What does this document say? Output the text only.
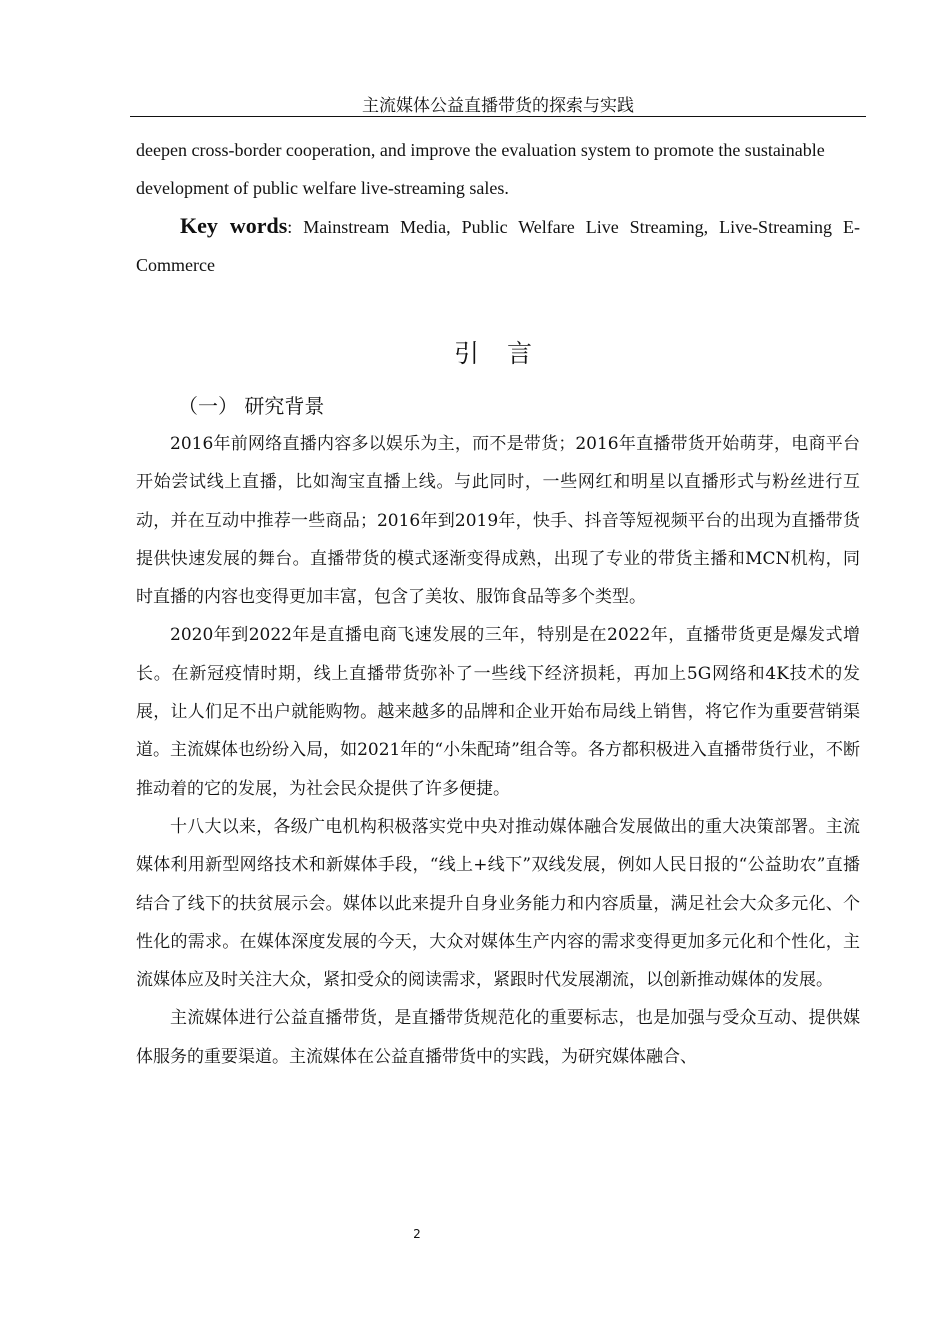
主流媒体公益直播带货的探索与实践

deepen cross-border cooperation, and improve the evaluation system to promote the sustainable

development of public welfare live-streaming sales.

Key words: Mainstream Media, Public Welfare Live Streaming, Live-Streaming E-

Commerce

引 言
（一） 研究背景

2016年前网络直播内容多以娱乐为主，而不是带货；2016年直播带货开始萌芽，电商平台开始尝试线上直播，比如淘宝直播上线。与此同时，一些网红和明星以直播形式与粉丝进行互动，并在互动中推荐一些商品；2016年到2019年，快手、抖音等短视频平台的出现为直播带货提供快速发展的舞台。直播带货的模式逐渐变得成熟，出现了专业的带货主播和MCN机构，同时直播的内容也变得更加丰富，包含了美妆、服饰食品等多个类型。

2020年到2022年是直播电商飞速发展的三年，特别是在2022年，直播带货更是爆发式增长。在新冠疫情时期，线上直播带货弥补了一些线下经济损耗，再加上5G网络和4K技术的发展，让人们足不出户就能购物。越来越多的品牌和企业开始布局线上销售，将它作为重要营销渠道。主流媒体也纷纷入局，如2021年的“小朱配琦”组合等。各方都积极进入直播带货行业，不断推动着的它的发展，为社会民众提供了许多便捷。

十八大以来，各级广电机构积极落实党中央对推动媒体融合发展做出的重大决策部署。主流媒体利用新型网络技术和新媒体手段，“线上+线下”双线发展，例如人民日报的“公益助农”直播结合了线下的扶贫展示会。媒体以此来提升自身业务能力和内容质量，满足社会大众多元化、个性化的需求。在媒体深度发展的今天，大众对媒体生产内容的需求变得更加多元化和个性化，主流媒体应及时关注大众，紧扣受众的阅读需求，紧跟时代发展潮流，以创新推动媒体的发展。

主流媒体进行公益直播带货，是直播带货规范化的重要标志，也是加强与受众互动、提供媒体服务的重要渠道。主流媒体在公益直播带货中的实践，为研究媒体融合、

2
